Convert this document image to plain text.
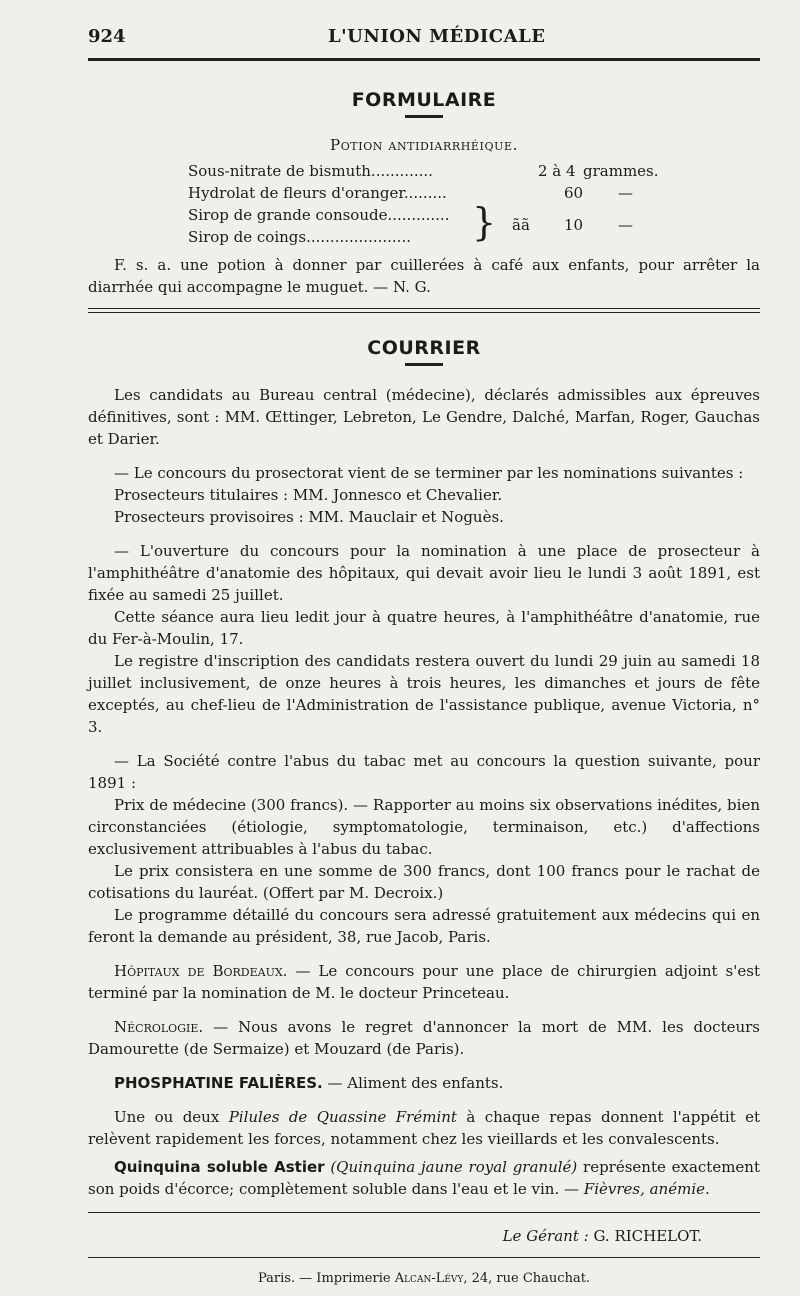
924	L'UNION MÉDICALE
FORMULAIRE
Potion antidiarrhéique.
Sous-nitrate de bismuth.............	2 à 4 grammes.
Hydrolat de fleurs d'oranger.........	60 —
Sirop de grande consoude.............
Sirop de coings...................... } ãã 10 —

F. s. a. une potion à donner par cuillerées à café aux enfants, pour arrêter la diarrhée qui accompagne le muguet. — N. G.

COURRIER

Les candidats au Bureau central (médecine), déclarés admissibles aux épreuves définitives, sont : MM. Œttinger, Lebreton, Le Gendre, Dalché, Marfan, Roger, Gauchas et Darier.

— Le concours du prosectorat vient de se terminer par les nominations suivantes :

Prosecteurs titulaires : MM. Jonnesco et Chevalier.

Prosecteurs provisoires : MM. Mauclair et Noguès.

— L'ouverture du concours pour la nomination à une place de prosecteur à l'amphithéâtre d'anatomie des hôpitaux, qui devait avoir lieu le lundi 3 août 1891, est fixée au samedi 25 juillet.

Cette séance aura lieu ledit jour à quatre heures, à l'amphithéâtre d'anatomie, rue du Fer-à-Moulin, 17.

Le registre d'inscription des candidats restera ouvert du lundi 29 juin au samedi 18 juillet inclusivement, de onze heures à trois heures, les dimanches et jours de fête exceptés, au chef-lieu de l'Administration de l'assistance publique, avenue Victoria, n° 3.

— La Société contre l'abus du tabac met au concours la question suivante, pour 1891 :

Prix de médecine (300 francs). — Rapporter au moins six observations inédites, bien circonstanciées (étiologie, symptomatologie, terminaison, etc.) d'affections exclusivement attribuables à l'abus du tabac.

Le prix consistera en une somme de 300 francs, dont 100 francs pour le rachat de cotisations du lauréat. (Offert par M. Decroix.)

Le programme détaillé du concours sera adressé gratuitement aux médecins qui en feront la demande au président, 38, rue Jacob, Paris.

Hôpitaux de Bordeaux. — Le concours pour une place de chirurgien adjoint s'est terminé par la nomination de M. le docteur Princeteau.

Nécrologie. — Nous avons le regret d'annoncer la mort de MM. les docteurs Damourette (de Sermaize) et Mouzard (de Paris).

PHOSPHATINE FALIÈRES. — Aliment des enfants.

Une ou deux Pilules de Quassine Frémint à chaque repas donnent l'appétit et relèvent rapidement les forces, notamment chez les vieillards et les convalescents.

Quinquina soluble Astier (Quinquina jaune royal granulé) représente exactement son poids d'écorce; complètement soluble dans l'eau et le vin. — Fièvres, anémie.

Le Gérant : G. RICHELOT.
Paris. — Imprimerie Alcan-Lévy, 24, rue Chauchat.
